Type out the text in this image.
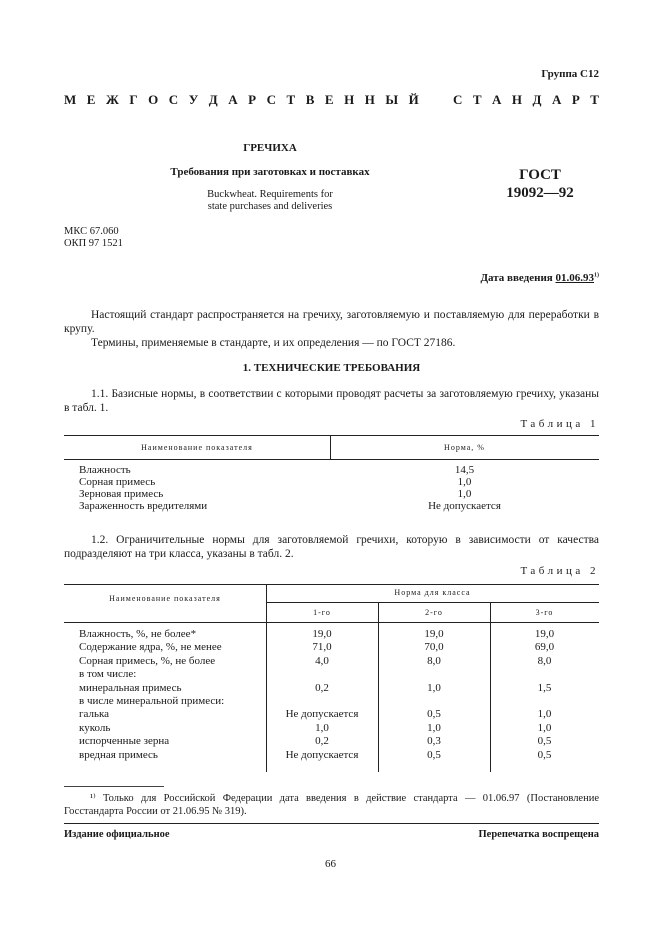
Группа С12
М Е Ж Г О С У Д А Р С Т В Е Н Н Ы Й	С Т А Н Д А Р Т
ГРЕЧИХА
Требования при заготовках и поставках
Buckwheat. Requirements for
state purchases and deliveries
ГОСТ
19092—92
МКС 67.060
ОКП 97 1521
Дата введения 01.06.93$^{1)}$
Настоящий стандарт распространяется на гречиху, заготовляемую и поставляемую для переработки в крупу.
Термины, применяемые в стандарте, и их определения — по ГОСТ 27186.
1. ТЕХНИЧЕСКИЕ ТРЕБОВАНИЯ
1.1. Базисные нормы, в соответствии с которыми проводят расчеты за заготовляемую гречиху, указаны в табл. 1.
Таблица 1
Наименование показателя	Норма, %
Влажность	14,5
Сорная примесь	1,0
Зерновая примесь	1,0
Зараженность вредителями	Не допускается
1.2. Ограничительные нормы для заготовляемой гречихи, которую в зависимости от качества подразделяют на три класса, указаны в табл. 2.
Таблица 2
Наименование показателя
Норма для класса
1-го	2-го	3-го
Влажность, %, не более*	19,0	19,0	19,0
Содержание ядра, %, не менее	71,0	70,0	69,0
Сорная примесь, %, не более	4,0	8,0	8,0
в том числе:
минеральная примесь	0,2	1,0	1,5
в числе минеральной примеси:
галька	Не допускается	0,5	1,0
куколь	1,0	1,0	1,0
испорченные зерна	0,2	0,3	0,5
вредная примесь	Не допускается	0,5	0,5
¹⁾ Только для Российской Федерации дата введения в действие стандарта — 01.06.97 (Постановление Госстандарта России от 21.06.95 № 319).
Издание официальное	Перепечатка воспрещена
66
